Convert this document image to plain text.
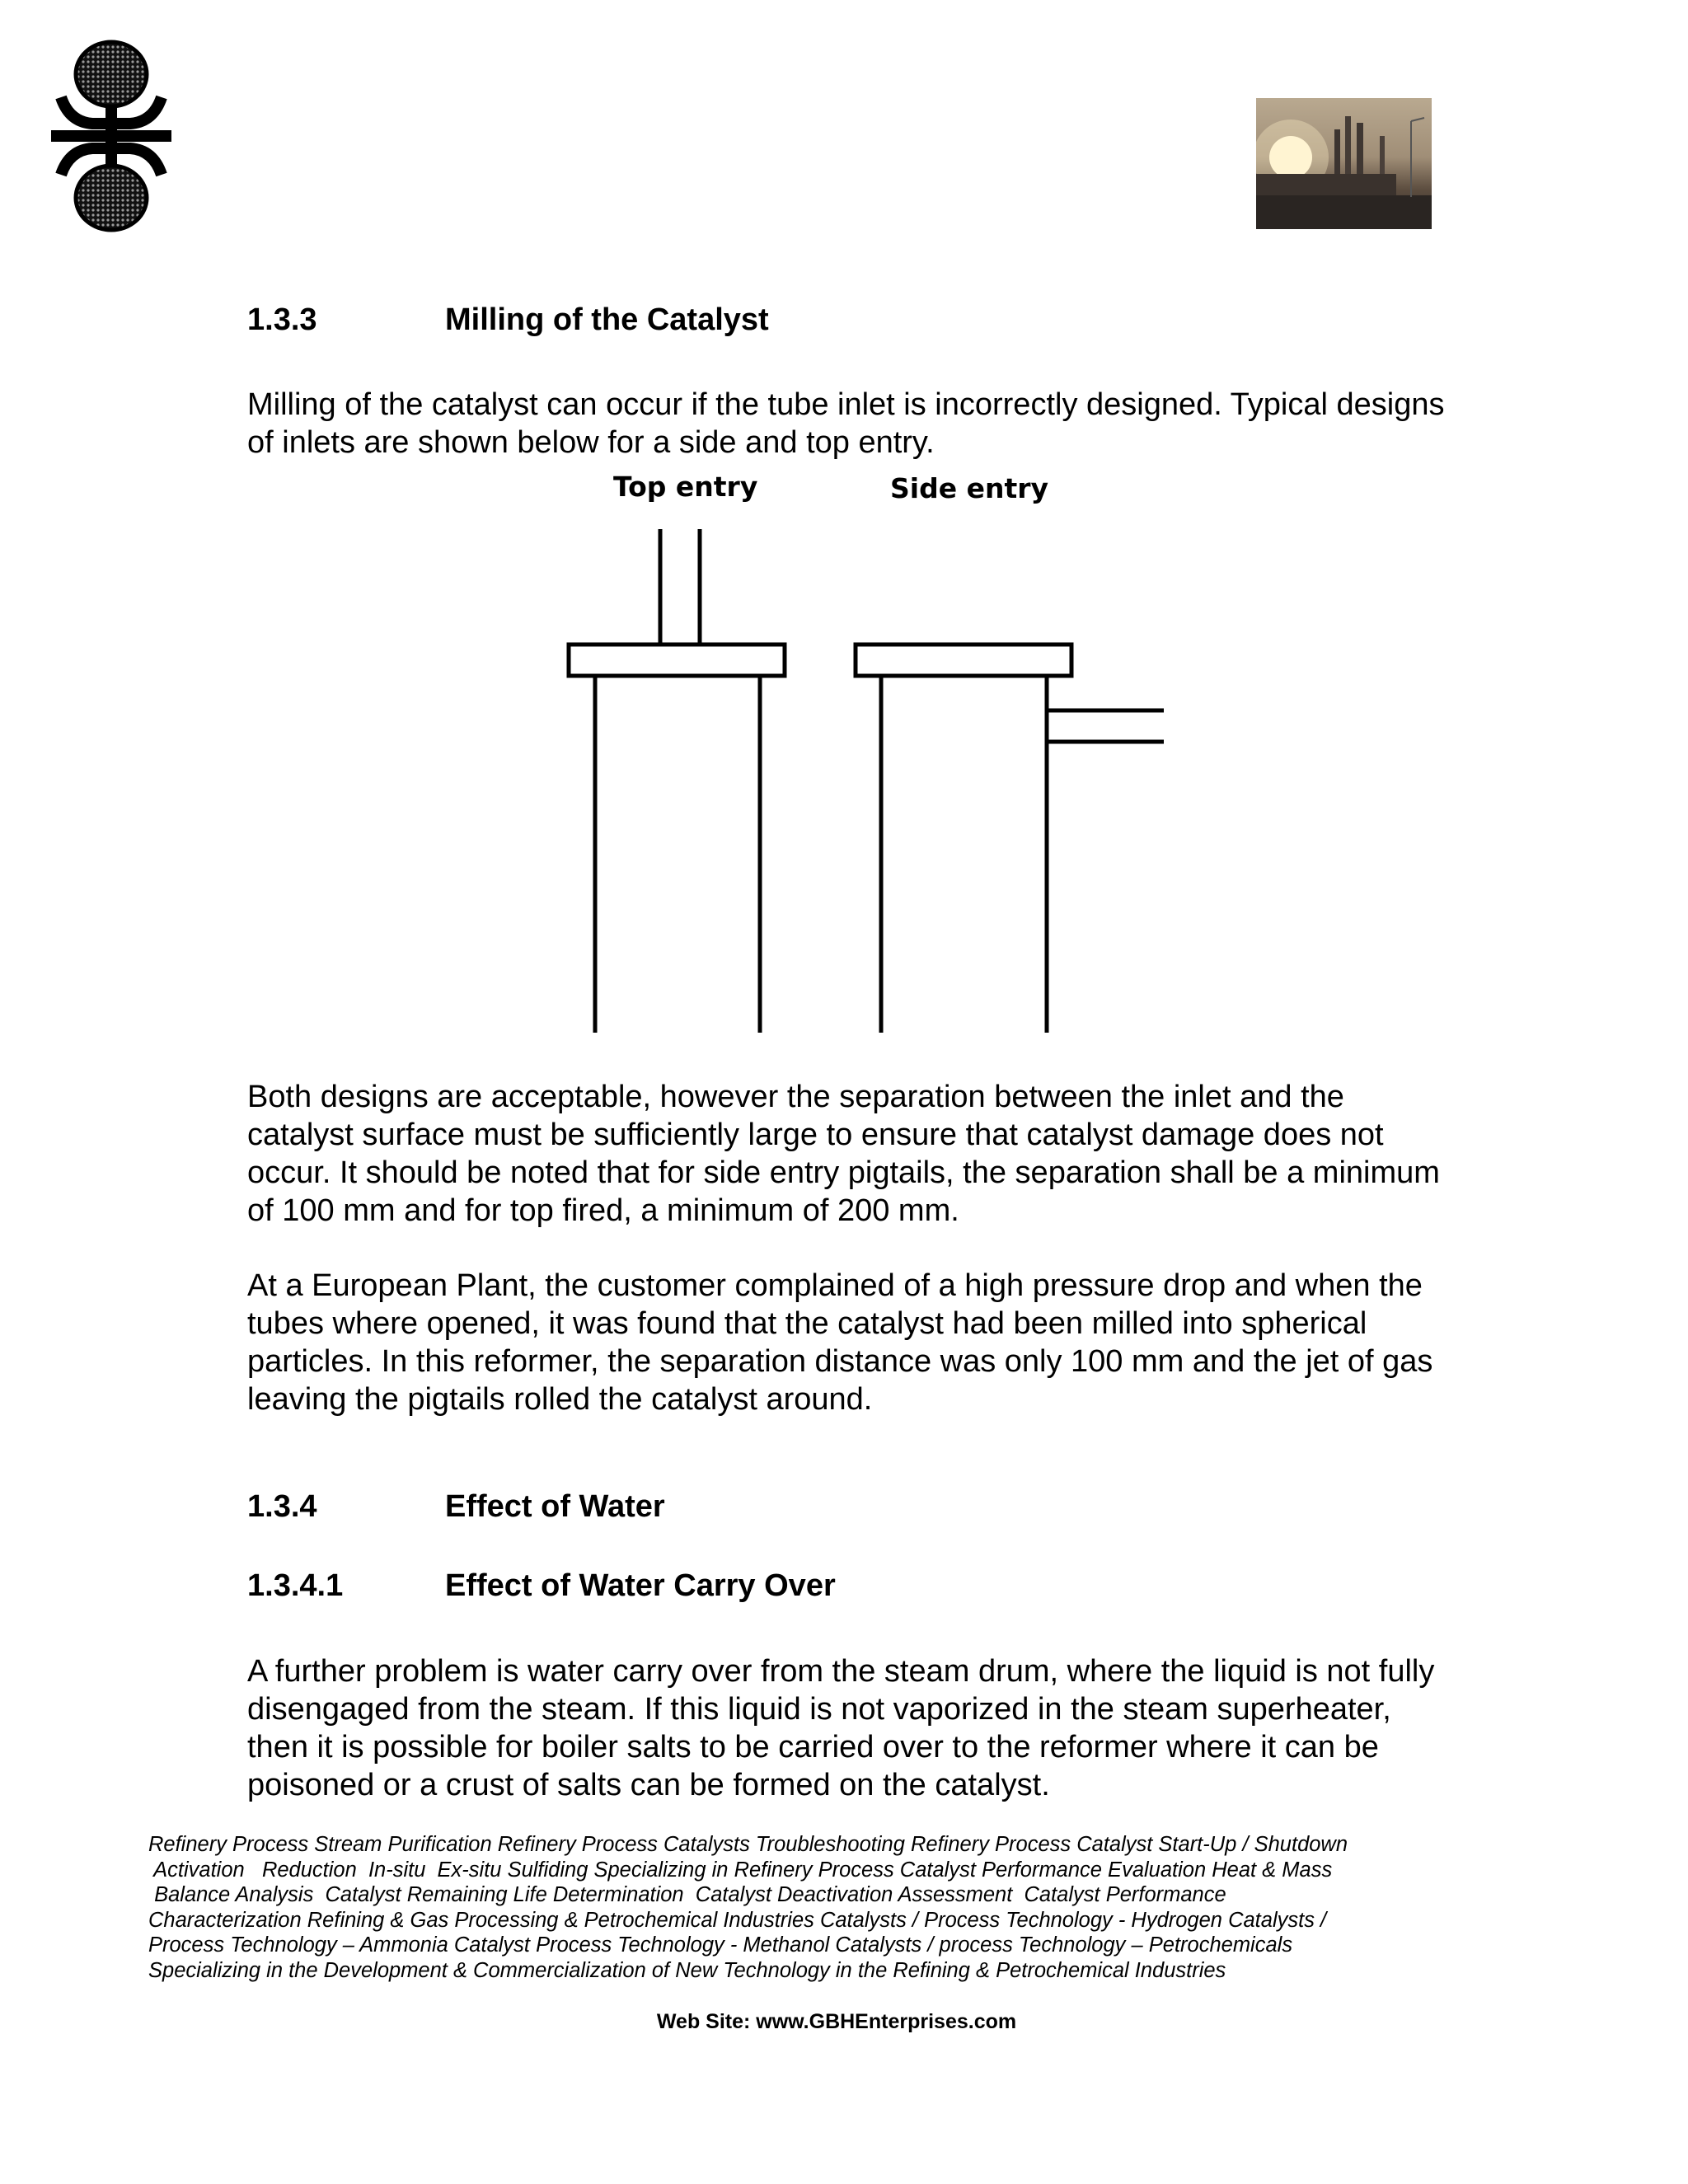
1.3.3	Milling of the Catalyst

Milling of the catalyst can occur if the tube inlet is incorrectly designed. Typical designs of inlets are shown below for a side and top entry.

Top entry	Side entry

Both designs are acceptable, however the separation between the inlet and the catalyst surface must be sufficiently large to ensure that catalyst damage does not occur. It should be noted that for side entry pigtails, the separation shall be a minimum of 100 mm and for top fired, a minimum of 200 mm.

At a European Plant, the customer complained of a high pressure drop and when the tubes where opened, it was found that the catalyst had been milled into spherical particles. In this reformer, the separation distance was only 100 mm and the jet of gas leaving the pigtails rolled the catalyst around.

1.3.4	Effect of Water
1.3.4.1	Effect of Water Carry Over

A further problem is water carry over from the steam drum, where the liquid is not fully disengaged from the steam. If this liquid is not vaporized in the steam superheater, then it is possible for boiler salts to be carried over to the reformer where it can be poisoned or a crust of salts can be formed on the catalyst.

Refinery Process Stream Purification Refinery Process Catalysts Troubleshooting Refinery Process Catalyst Start-Up / Shutdown
Activation   Reduction  In-situ  Ex-situ Sulfiding Specializing in Refinery Process Catalyst Performance Evaluation Heat & Mass
Balance Analysis  Catalyst Remaining Life Determination  Catalyst Deactivation Assessment  Catalyst Performance
Characterization Refining & Gas Processing & Petrochemical Industries Catalysts / Process Technology - Hydrogen Catalysts /
Process Technology – Ammonia Catalyst Process Technology - Methanol Catalysts / process Technology – Petrochemicals
Specializing in the Development & Commercialization of New Technology in the Refining & Petrochemical Industries
Web Site: www.GBHEnterprises.com
